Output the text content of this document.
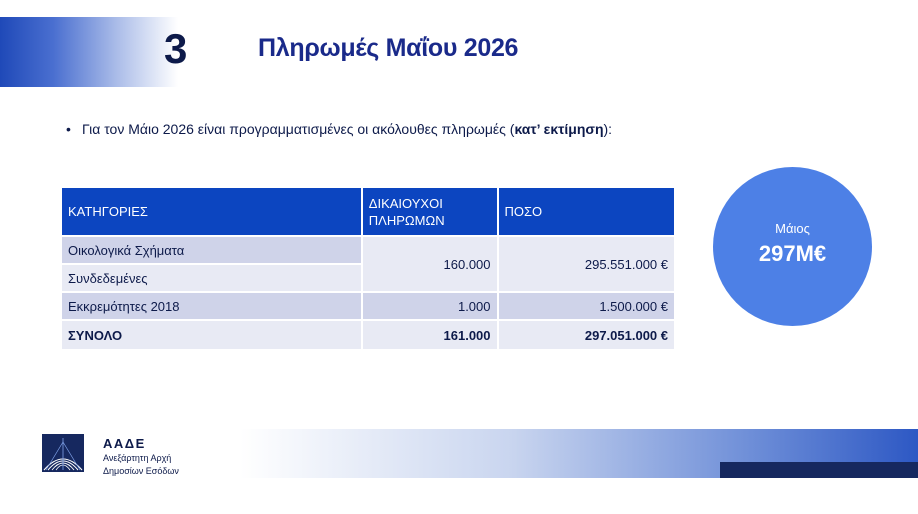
3	Πληρωμές Μαΐου 2026
• Για τον Μάιο 2026 είναι προγραμματισμένες οι ακόλουθες πληρωμές (κατ’ εκτίμηση):
ΚΑΤΗΓΟΡΙΕΣ	ΔΙΚΑΙΟΥΧΟΙ ΠΛΗΡΩΜΩΝ	ΠΟΣΟ
Οικολογικά Σχήματα	160.000	295.551.000 €
Συνδεδεμένες		
Εκκρεμότητες 2018	1.000	1.500.000 €
ΣΥΝΟΛΟ	161.000	297.051.000 €
Μάιος
297Μ€
ΑΑΔΕ
Ανεξάρτητη Αρχή
Δημοσίων Εσόδων
